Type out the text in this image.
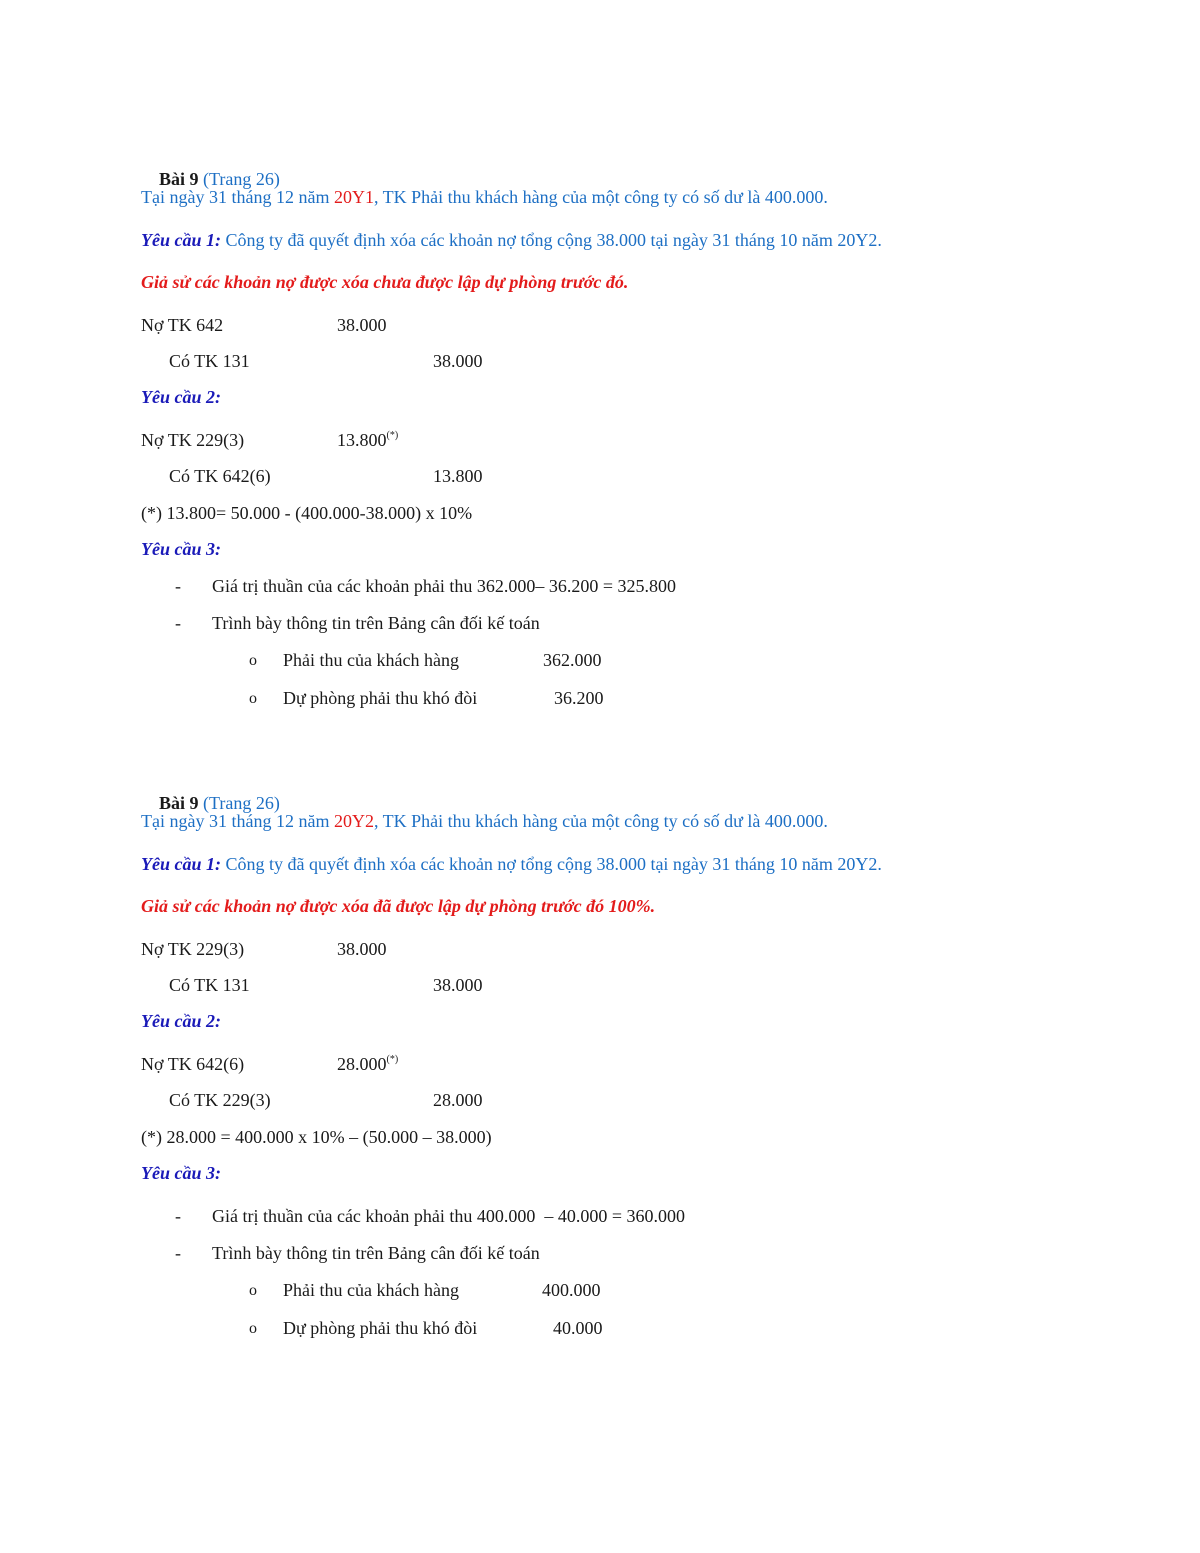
Bài 9 (Trang 26)

Tại ngày 31 tháng 12 năm 20Y1, TK Phải thu khách hàng của một công ty có số dư là 400.000.
Yêu cầu 1: Công ty đã quyết định xóa các khoản nợ tổng cộng 38.000 tại ngày 31 tháng 10 năm 20Y2.
Giả sử các khoản nợ được xóa chưa được lập dự phòng trước đó.
Nợ TK 642	38.000
Có TK 131	38.000
Yêu cầu 2:
Nợ TK 229(3)	13.800(*)
Có TK 642(6)	13.800
(*) 13.800= 50.000 - (400.000-38.000) x 10%
Yêu cầu 3:
- Giá trị thuần của các khoản phải thu 362.000– 36.200 = 325.800
- Trình bày thông tin trên Bảng cân đối kế toán
o Phải thu của khách hàng	362.000
o Dự phòng phải thu khó đòi	36.200

Bài 9 (Trang 26)

Tại ngày 31 tháng 12 năm 20Y2, TK Phải thu khách hàng của một công ty có số dư là 400.000.
Yêu cầu 1: Công ty đã quyết định xóa các khoản nợ tổng cộng 38.000 tại ngày 31 tháng 10 năm 20Y2.
Giả sử các khoản nợ được xóa đã được lập dự phòng trước đó 100%.
Nợ TK 229(3)	38.000
Có TK 131	38.000
Yêu cầu 2:
Nợ TK 642(6)	28.000(*)
Có TK 229(3)	28.000
(*) 28.000 = 400.000 x 10% – (50.000 – 38.000)
Yêu cầu 3:
- Giá trị thuần của các khoản phải thu 400.000  – 40.000 = 360.000
- Trình bày thông tin trên Bảng cân đối kế toán
o Phải thu của khách hàng	400.000
o Dự phòng phải thu khó đòi	40.000
